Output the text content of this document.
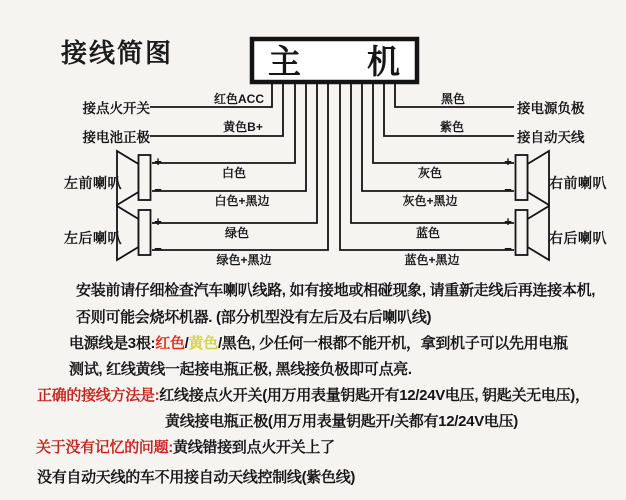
接线简图	主　　机
接点火开关
接电池正极
接电源负极
接自动天线
红色ACC
黄色B+
白色
白色+黑边
绿色
绿色+黑边
黑色
紫色
灰色
灰色+黑边
蓝色
蓝色+黑边
+
−
左前喇叭
+
−
左后喇叭
+
−	右前喇叭
+
−
右后喇叭
安装前请仔细检查汽车喇叭线路, 如有接地或相碰现象, 请重新走线后再连接本机,
否则可能会烧坏机器. (部分机型没有左后及右后喇叭线)
电源线是3根:红色/黄色/黑色, 少任何一根都不能开机，拿到机子可以先用电瓶
测试, 红线黄线一起接电瓶正极, 黑线接负极即可点亮.
正确的接线方法是:红线接点火开关(用万用表量钥匙开有12/24V电压, 钥匙关无电压)，
黄线接电瓶正极(用万用表量钥匙开/关都有12/24V电压)
关于没有记忆的问题:黄线错接到点火开关上了
没有自动天线的车不用接自动天线控制线(紫色线)
